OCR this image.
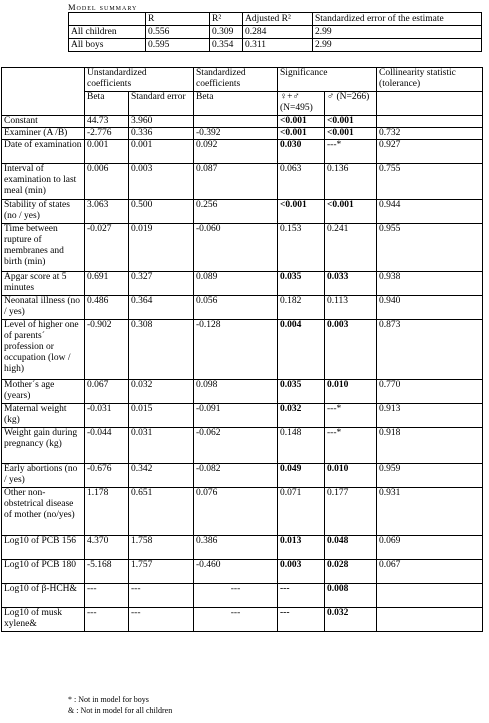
Model summary
	R	R²	Adjusted R²	Standardized error of the estimate
All children	0.556	0.309	0.284	2.99
All boys	0.595	0.354	0.311	2.99
	Unstandardized coefficients		Standardized coefficients	Significance		Collinearity statistic (tolerance)
	Beta	Standard error	Beta	♀+♂ (N=495)	♂ (N=266)	
Constant	44.73	3.960		<0.001	<0.001	
Examiner (A /B)	-2.776	0.336	-0.392	<0.001	<0.001	0.732
Date of examination	0.001	0.001	0.092	0.030	---*	0.927
Interval of examination to last meal (min)	0.006	0.003	0.087	0.063	0.136	0.755
Stability of states (no / yes)	3.063	0.500	0.256	<0.001	<0.001	0.944
Time between rupture of membranes and birth (min)	-0.027	0.019	-0.060	0.153	0.241	0.955
Apgar score at 5 minutes	0.691	0.327	0.089	0.035	0.033	0.938
Neonatal illness (no / yes)	0.486	0.364	0.056	0.182	0.113	0.940
Level of higher one of parents´ profession or occupation (low / high)	-0.902	0.308	-0.128	0.004	0.003	0.873
Mother´s age (years)	0.067	0.032	0.098	0.035	0.010	0.770
Maternal weight (kg)	-0.031	0.015	-0.091	0.032	---*	0.913
Weight gain during pregnancy (kg)	-0.044	0.031	-0.062	0.148	---*	0.918
Early abortions (no / yes)	-0.676	0.342	-0.082	0.049	0.010	0.959
Other non-obstetrical disease of mother (no/yes)	1.178	0.651	0.076	0.071	0.177	0.931
Log10 of PCB 156	4.370	1.758	0.386	0.013	0.048	0.069
Log10 of PCB 180	-5.168	1.757	-0.460	0.003	0.028	0.067
Log10 of β-HCH&	---	---	---	---	0.008	
Log10 of musk xylene&	---	---	---	---	0.032	
* : Not in model for boys
& : Not in model for all children
